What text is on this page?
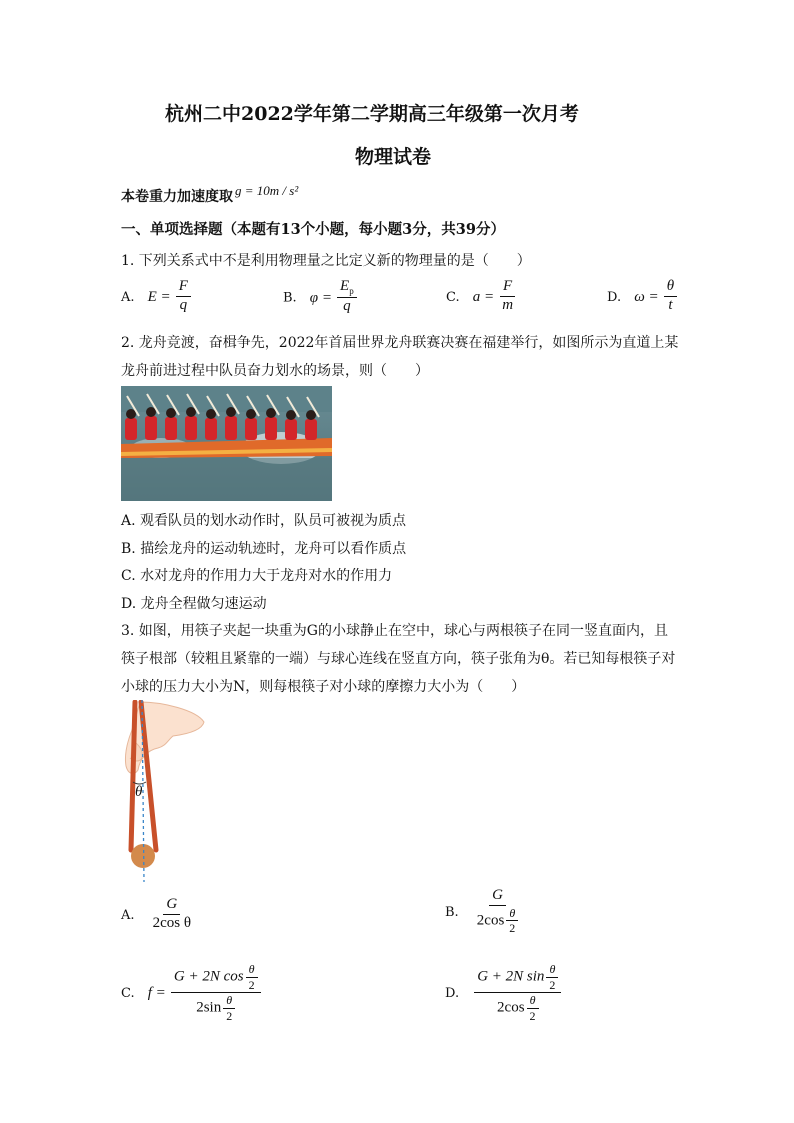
杭州二中2022学年第二学期高三年级第一次月考
物理试卷
本卷重力加速度取 $^{g = 10m / s^2}$
一、单项选择题（本题有13个小题，每小题3分，共39分）
1. 下列关系式中不是利用物理量之比定义新的物理量的是（　　）
A. $E = \frac{F}{q}$	B. $\varphi = \frac{E_p}{q}$	C. $a = \frac{F}{m}$	D. $\omega = \frac{\theta}{t}$
2. 龙舟竞渡，奋楫争先，2022年首届世界龙舟联赛决赛在福建举行，如图所示为直道上某
龙舟前进过程中队员奋力划水的场景，则（　　）
A. 观看队员的划水动作时，队员可被视为质点
B. 描绘龙舟的运动轨迹时，龙舟可以看作质点
C. 水对龙舟的作用力大于龙舟对水的作用力
D. 龙舟全程做匀速运动
3. 如图，用筷子夹起一块重为G的小球静止在空中，球心与两根筷子在同一竖直面内，且
筷子根部（较粗且紧靠的一端）与球心连线在竖直方向，筷子张角为θ。若已知每根筷子对
小球的压力大小为N，则每根筷子对小球的摩擦力大小为（　　）
θ
A. $\frac{G}{\text{2cos θ}}$	B. $\frac{G}{2\cos \frac{\theta}{2}}$
C. $f = \frac{G + 2N \cos \frac{\theta}{2}}{2\sin \frac{\theta}{2}}$	D. $\frac{G + 2N \sin \frac{\theta}{2}}{2\cos \frac{\theta}{2}}$
